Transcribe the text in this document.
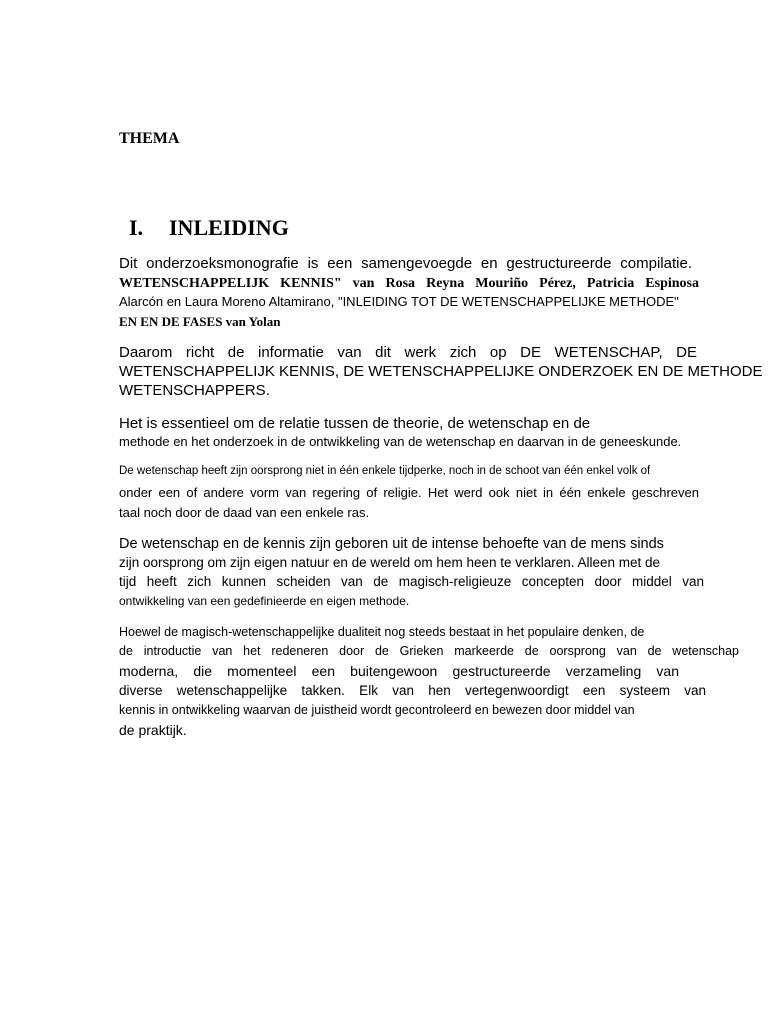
THEMA
I.	INLEIDING
Dit onderzoeksmonografie is een samengevoegde en gestructureerde compilatie.
WETENSCHAPPELIJK KENNIS" van Rosa Reyna Mouriño Pérez, Patricia Espinosa
Alarcón en Laura Moreno Altamirano, "INLEIDING TOT DE WETENSCHAPPELIJKE METHODE"
EN EN DE FASES van Yolan
Daarom richt de informatie van dit werk zich op DE WETENSCHAP, DE
WETENSCHAPPELIJK KENNIS, DE WETENSCHAPPELIJKE ONDERZOEK EN DE METHODE
WETENSCHAPPERS.
Het is essentieel om de relatie tussen de theorie, de wetenschap en de
methode en het onderzoek in de ontwikkeling van de wetenschap en daarvan in de geneeskunde.
De wetenschap heeft zijn oorsprong niet in één enkele tijdperke, noch in de schoot van één enkel volk of
onder een of andere vorm van regering of religie. Het werd ook niet in één enkele geschreven
taal noch door de daad van een enkele ras.
De wetenschap en de kennis zijn geboren uit de intense behoefte van de mens sinds
zijn oorsprong om zijn eigen natuur en de wereld om hem heen te verklaren. Alleen met de
tijd heeft zich kunnen scheiden van de magisch-religieuze concepten door middel van
ontwikkeling van een gedefinieerde en eigen methode.
Hoewel de magisch-wetenschappelijke dualiteit nog steeds bestaat in het populaire denken, de
de introductie van het redeneren door de Grieken markeerde de oorsprong van de wetenschap
moderna, die momenteel een buitengewoon gestructureerde verzameling van
diverse wetenschappelijke takken. Elk van hen vertegenwoordigt een systeem van
kennis in ontwikkeling waarvan de juistheid wordt gecontroleerd en bewezen door middel van
de praktijk.
